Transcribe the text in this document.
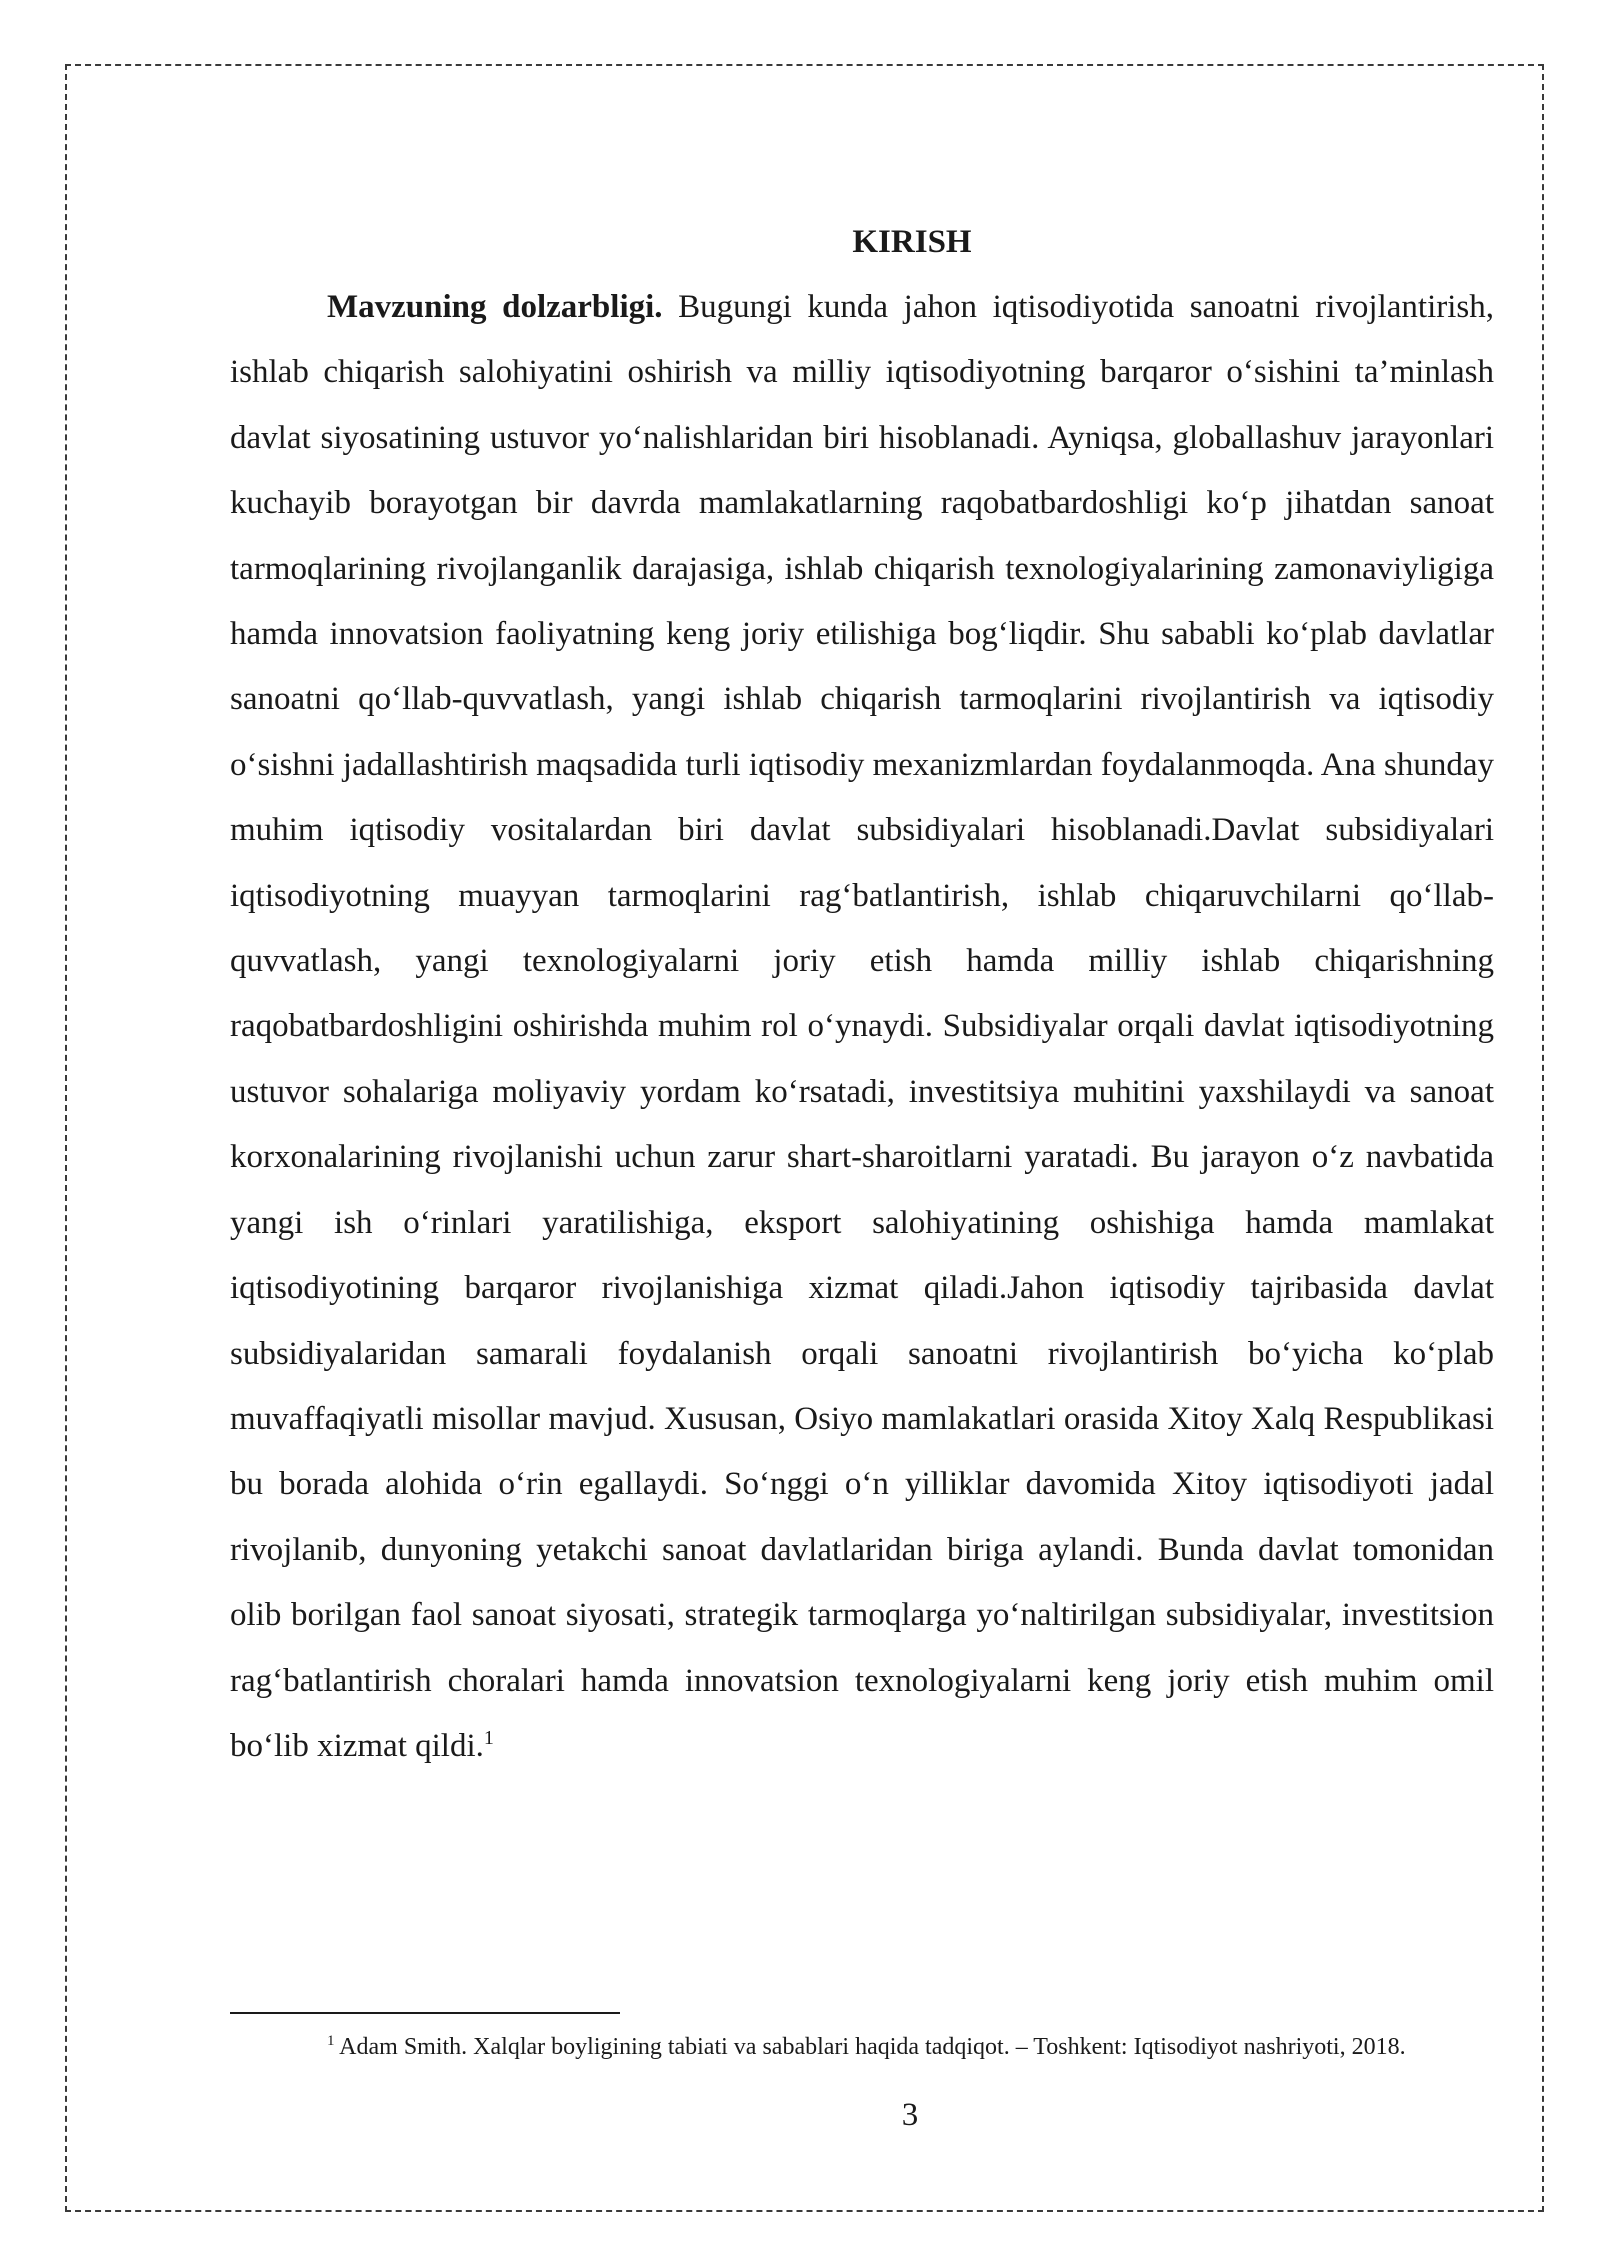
KIRISH

Mavzuning dolzarbligi. Bugungi kunda jahon iqtisodiyotida sanoatni rivojlantirish, ishlab chiqarish salohiyatini oshirish va milliy iqtisodiyotning barqaror o‘sishini ta’minlash davlat siyosatining ustuvor yo‘nalishlaridan biri hisoblanadi. Ayniqsa, globallashuv jarayonlari kuchayib borayotgan bir davrda mamlakatlarning raqobatbardoshligi ko‘p jihatdan sanoat tarmoqlarining rivojlanganlik darajasiga, ishlab chiqarish texnologiyalarining zamonaviyligiga hamda innovatsion faoliyatning keng joriy etilishiga bog‘liqdir. Shu sababli ko‘plab davlatlar sanoatni qo‘llab-quvvatlash, yangi ishlab chiqarish tarmoqlarini rivojlantirish va iqtisodiy o‘sishni jadallashtirish maqsadida turli iqtisodiy mexanizmlardan foydalanmoqda. Ana shunday muhim iqtisodiy vositalardan biri davlat subsidiyalari hisoblanadi.Davlat subsidiyalari iqtisodiyotning muayyan tarmoqlarini rag‘batlantirish, ishlab chiqaruvchilarni qo‘llab-quvvatlash, yangi texnologiyalarni joriy etish hamda milliy ishlab chiqarishning raqobatbardoshligini oshirishda muhim rol o‘ynaydi. Subsidiyalar orqali davlat iqtisodiyotning ustuvor sohalariga moliyaviy yordam ko‘rsatadi, investitsiya muhitini yaxshilaydi va sanoat korxonalarining rivojlanishi uchun zarur shart-sharoitlarni yaratadi. Bu jarayon o‘z navbatida yangi ish o‘rinlari yaratilishiga, eksport salohiyatining oshishiga hamda mamlakat iqtisodiyotining barqaror rivojlanishiga xizmat qiladi.Jahon iqtisodiy tajribasida davlat subsidiyalaridan samarali foydalanish orqali sanoatni rivojlantirish bo‘yicha ko‘plab muvaffaqiyatli misollar mavjud. Xususan, Osiyo mamlakatlari orasida Xitoy Xalq Respublikasi bu borada alohida o‘rin egallaydi. So‘nggi o‘n yilliklar davomida Xitoy iqtisodiyoti jadal rivojlanib, dunyoning yetakchi sanoat davlatlaridan biriga aylandi. Bunda davlat tomonidan olib borilgan faol sanoat siyosati, strategik tarmoqlarga yo‘naltirilgan subsidiyalar, investitsion rag‘batlantirish choralari hamda innovatsion texnologiyalarni keng joriy etish muhim omil bo‘lib xizmat qildi.$^1$

$^1$ Adam Smith. Xalqlar boyligining tabiati va sabablari haqida tadqiqot. – Toshkent: Iqtisodiyot nashriyoti, 2018.

3
